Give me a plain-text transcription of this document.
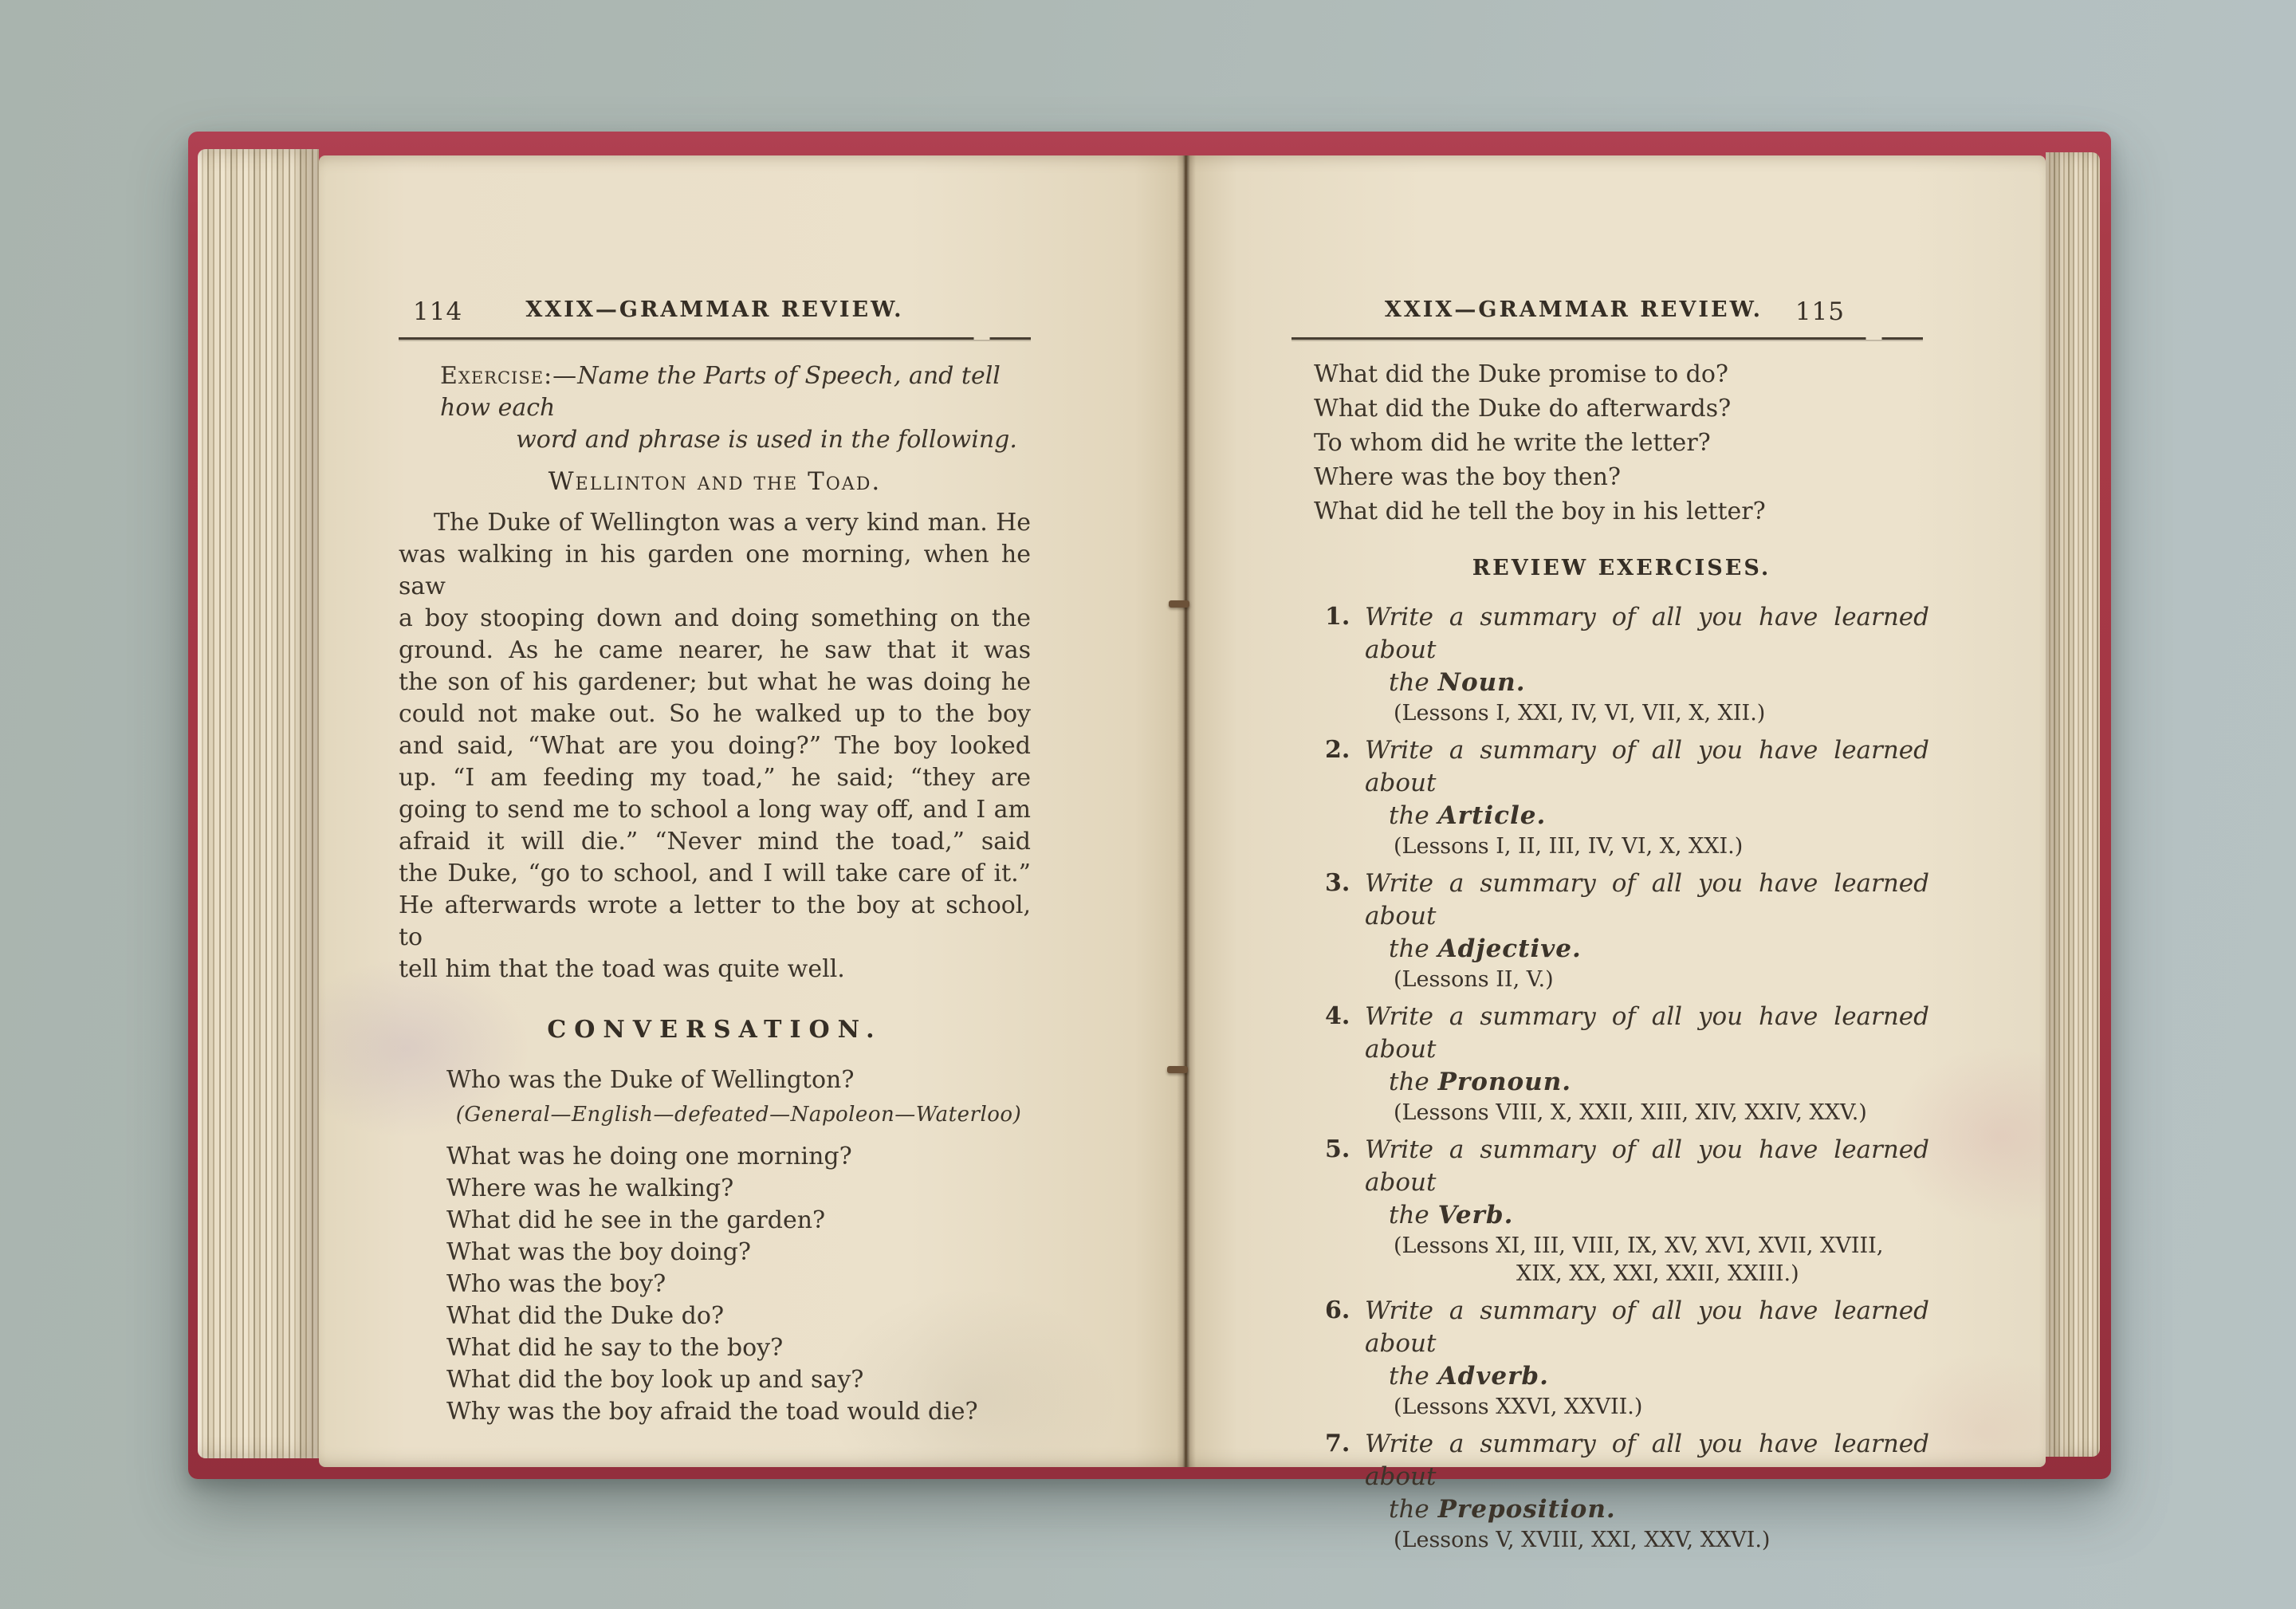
114	XXIX—GRAMMAR REVIEW.
Exercise:—Name the Parts of Speech, and tell how each
word and phrase is used in the following.
Wellinton and the Toad.
The Duke of Wellington was a very kind man. He
was walking in his garden one morning, when he saw
a boy stooping down and doing something on the
ground. As he came nearer, he saw that it was
the son of his gardener; but what he was doing he
could not make out. So he walked up to the boy
and said, “What are you doing?” The boy looked
up. “I am feeding my toad,” he said; “they are
going to send me to school a long way off, and I am
afraid it will die.” “Never mind the toad,” said
the Duke, “go to school, and I will take care of it.”
He afterwards wrote a letter to the boy at school, to
tell him that the toad was quite well.
CONVERSATION.
Who was the Duke of Wellington?
(General—English—defeated—Napoleon—Waterloo)
What was he doing one morning?
Where was he walking?
What did he see in the garden?
What was the boy doing?
Who was the boy?
What did the Duke do?
What did he say to the boy?
What did the boy look up and say?
Why was the boy afraid the toad would die?
XXIX—GRAMMAR REVIEW.	115
What did the Duke promise to do?
What did the Duke do afterwards?
To whom did he write the letter?
Where was the boy then?
What did he tell the boy in his letter?
REVIEW EXERCISES.
1. Write a summary of all you have learned about
the Noun.
(Lessons I, XXI, IV, VI, VII, X, XII.)
2. Write a summary of all you have learned about
the Article.
(Lessons I, II, III, IV, VI, X, XXI.)
3. Write a summary of all you have learned about
the Adjective.
(Lessons II, V.)
4. Write a summary of all you have learned about
the Pronoun.
(Lessons VIII, X, XXII, XIII, XIV, XXIV, XXV.)
5. Write a summary of all you have learned about
the Verb.
(Lessons XI, III, VIII, IX, XV, XVI, XVII, XVIII,
XIX, XX, XXI, XXII, XXIII.)
6. Write a summary of all you have learned about
the Adverb.
(Lessons XXVI, XXVII.)
7. Write a summary of all you have learned about
the Preposition.
(Lessons V, XVIII, XXI, XXV, XXVI.)
